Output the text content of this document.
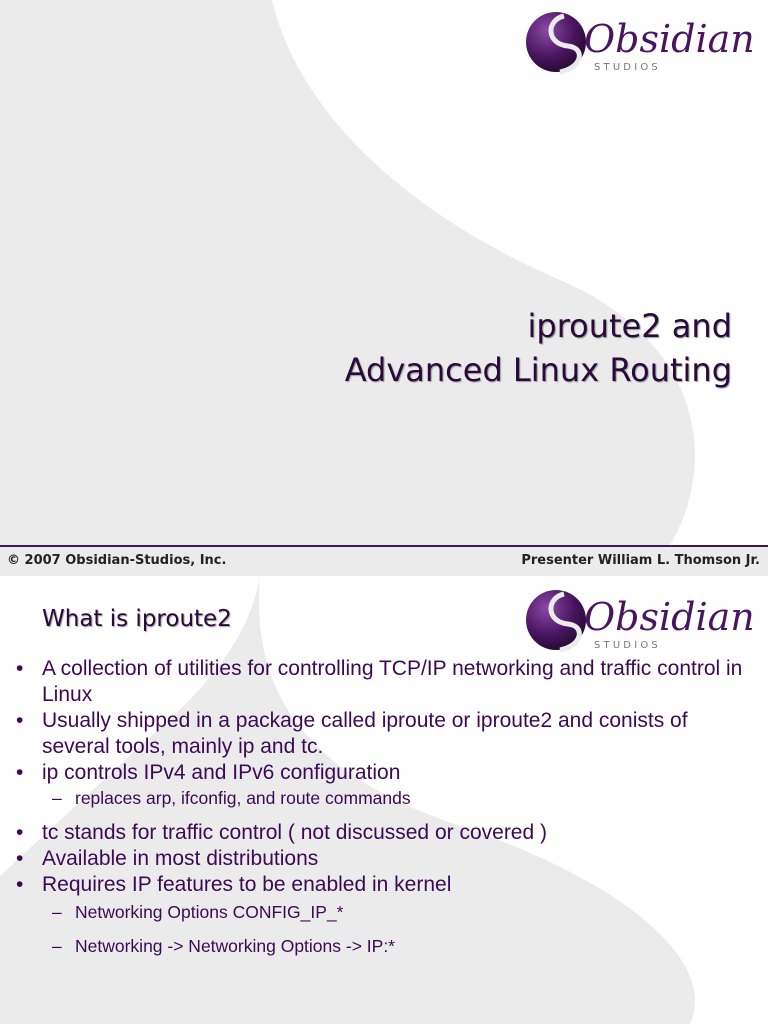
Obsidian
S T U D I O S
iproute2 and
Advanced Linux Routing
© 2007 Obsidian-Studios, Inc.	Presenter William L. Thomson Jr.
Obsidian
S T U D I O S
What is iproute2
• A collection of utilities for controlling TCP/IP networking and traffic control in Linux
• Usually shipped in a package called iproute or iproute2 and conists of several tools, mainly ip and tc.
• ip controls IPv4 and IPv6 configuration
– replaces arp, ifconfig, and route commands
• tc stands for traffic control ( not discussed or covered )
• Available in most distributions
• Requires IP features to be enabled in kernel
– Networking Options CONFIG_IP_*
– Networking -> Networking Options -> IP:*
